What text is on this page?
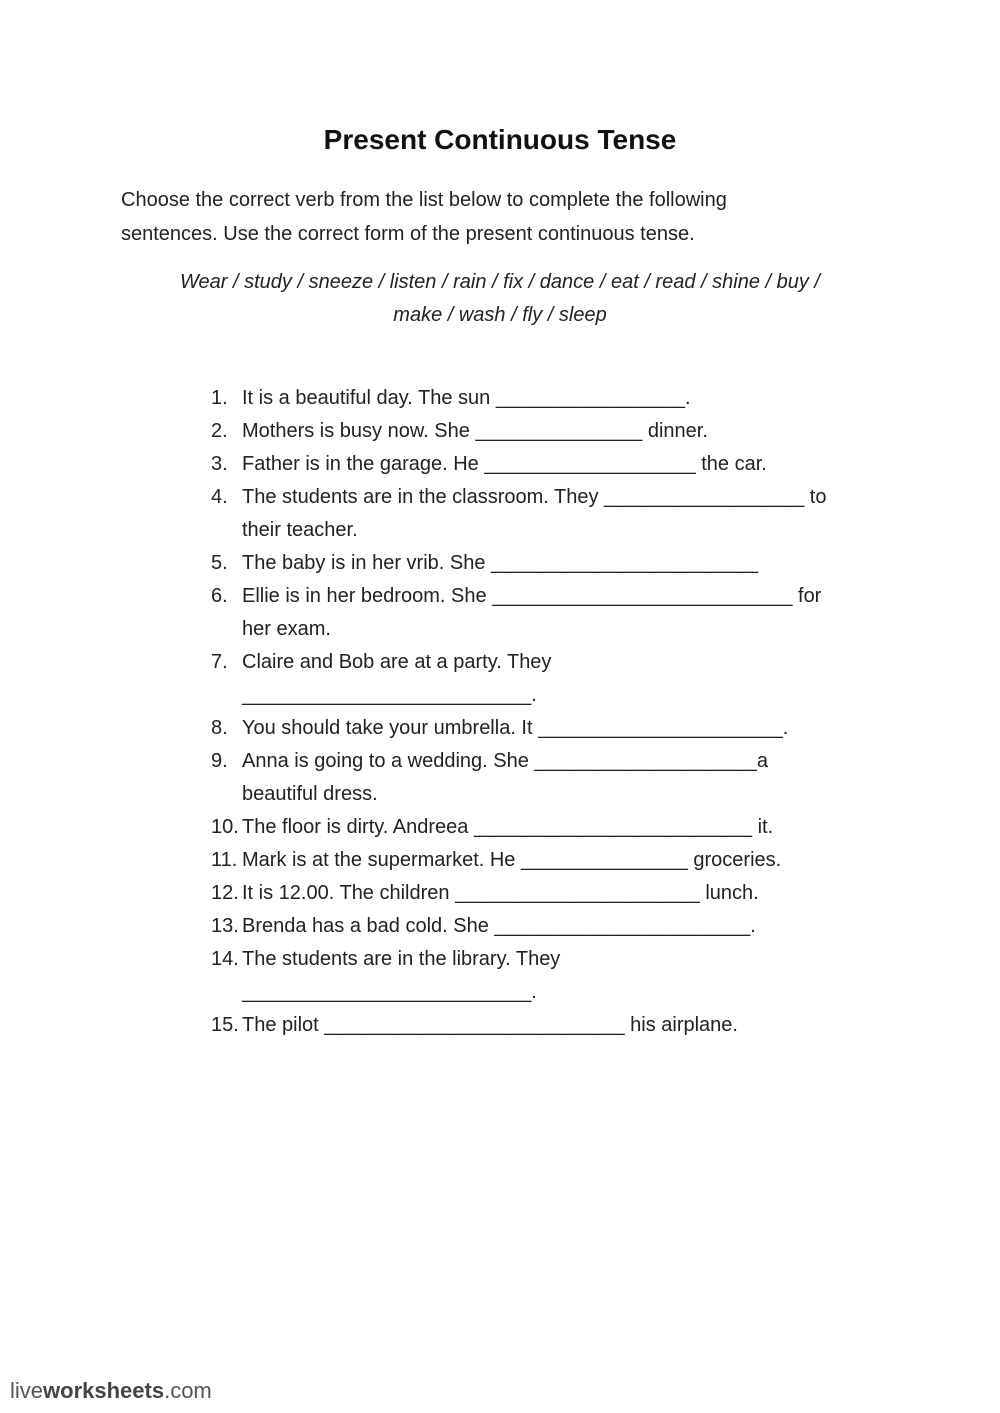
Present Continuous Tense
Choose the correct verb from the list below to complete the following
sentences. Use the correct form of the present continuous tense.
Wear / study / sneeze / listen / rain / fix / dance / eat / read / shine / buy /
make / wash / fly / sleep
1. It is a beautiful day. The sun _________________.
2. Mothers is busy now. She _______________ dinner.
3. Father is in the garage. He ___________________ the car.
4. The students are in the classroom. They __________________ to
their teacher.
5. The baby is in her vrib. She ________________________
6. Ellie is in her bedroom. She ___________________________ for
her exam.
7. Claire and Bob are at a party. They
__________________________.
8. You should take your umbrella. It ______________________.
9. Anna is going to a wedding. She ____________________a
beautiful dress.
10. The floor is dirty. Andreea _________________________ it.
11. Mark is at the supermarket. He _______________ groceries.
12. It is 12.00. The children ______________________ lunch.
13. Brenda has a bad cold. She _______________________.
14. The students are in the library. They
__________________________.
15. The pilot ___________________________ his airplane.
liveworksheets.com
